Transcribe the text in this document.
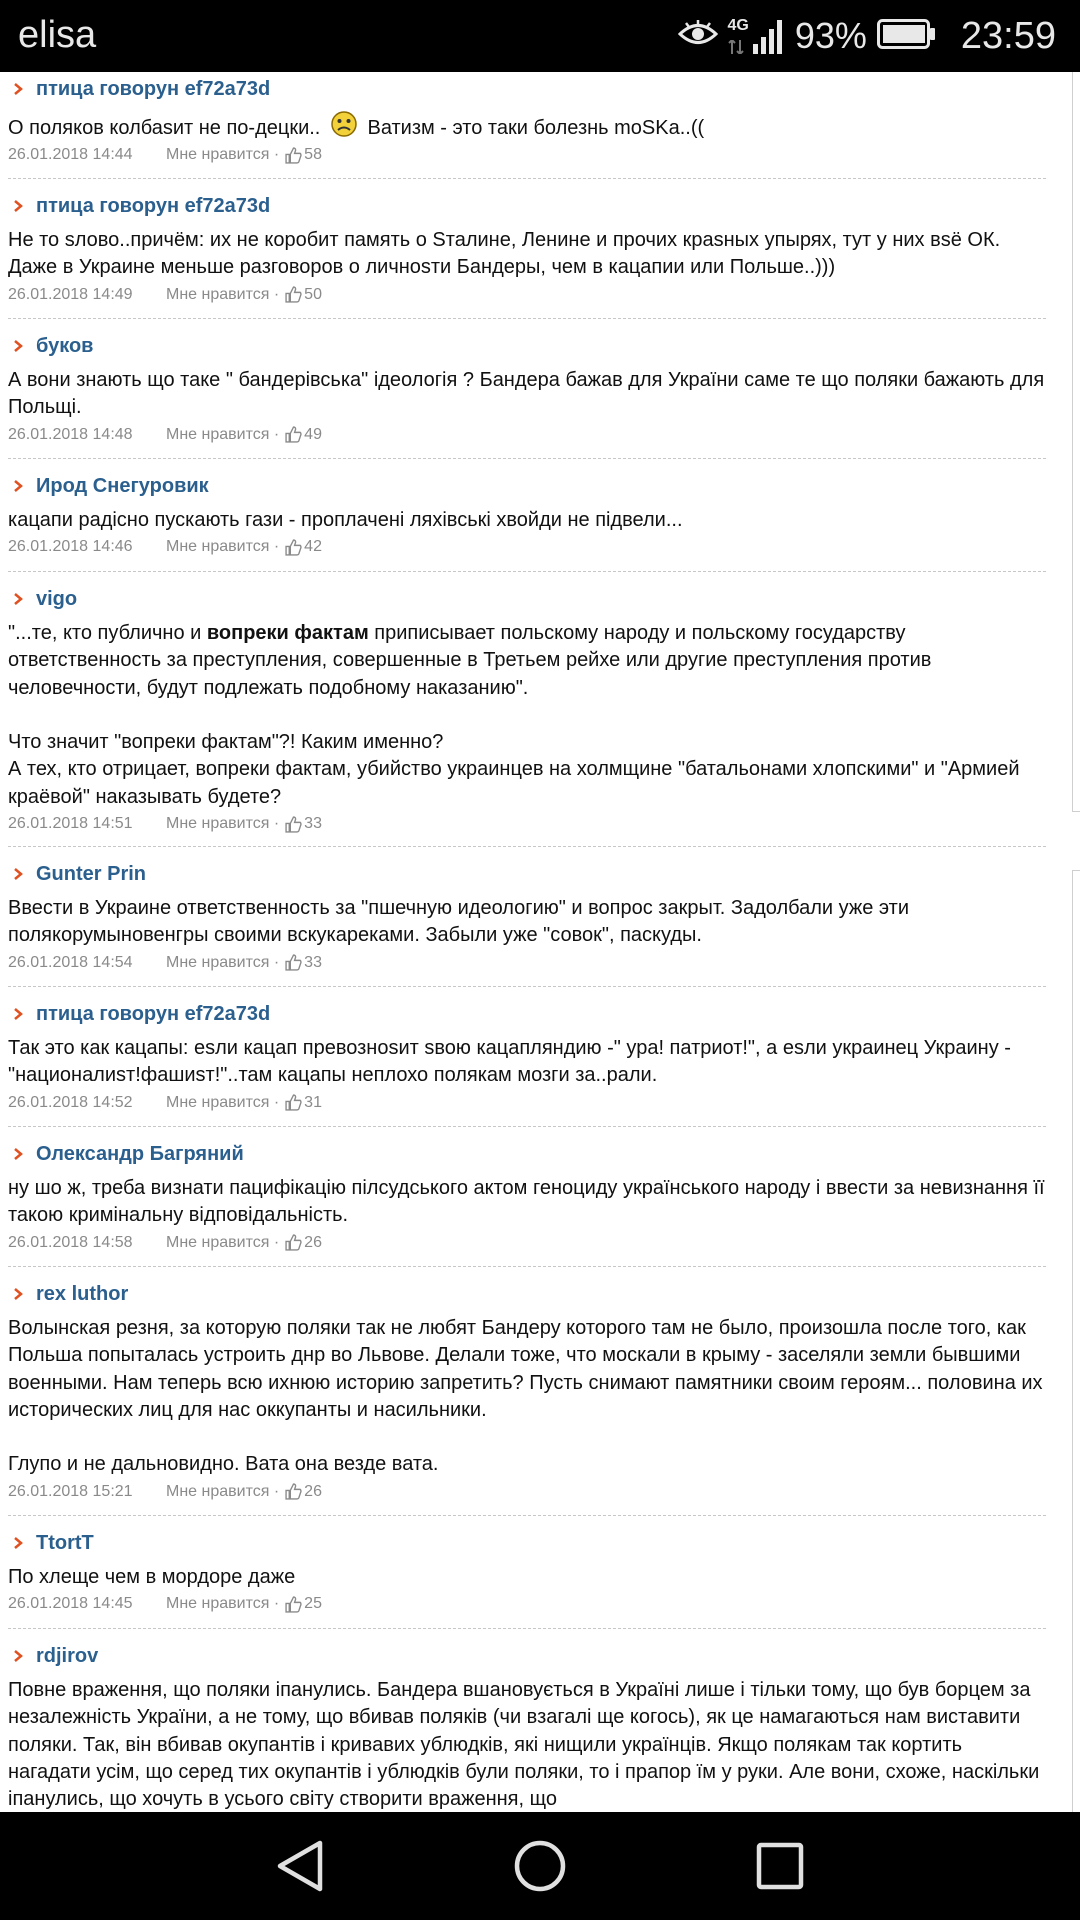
elisa	4G 93% 23:59
птица говорун ef72a73d
О поляков колбаsит не по-децки..  Ватизм - это таки болезнь moSKa..((
26.01.2018 14:44	Мне нравится · 58
птица говорун ef72a73d
Не то sлово..причём: их не коробит память о Sталине, Ленине и прочих краsных упырях, тут у них вsё ОК. Даже в Украине меньше разговоров о личноsти Бандеры, чем в кацапии или Польше..)))
26.01.2018 14:49	Мне нравится · 50
буков
А вони знають що таке " бандерівська" ідеологія ? Бандера бажав для України саме те що поляки бажають для Польщі.
26.01.2018 14:48	Мне нравится · 49
Ирод Снегуровик
кацапи радісно пускають гази - проплачені ляхівські хвойди не підвели...
26.01.2018 14:46	Мне нравится · 42
vigo
"...те, кто публично и вопреки фактам приписывает польскому народу и польскому государству ответственность за преступления, совершенные в Третьем рейхе или другие преступления против человечности, будут подлежать подобному наказанию".

Что значит "вопреки фактам"?! Каким именно?
А тех, кто отрицает, вопреки фактам, убийство украинцев на холмщине "батальонами хлопскими" и "Армией краёвой" наказывать будете?
26.01.2018 14:51	Мне нравится · 33
Gunter Prin
Ввести в Украине ответственность за "пшечную идеологию" и вопрос закрыт. Задолбали уже эти полякорумыновенгры своими вскукареками. Забыли уже "совок", паскуды.
26.01.2018 14:54	Мне нравится · 33
птица говорун ef72a73d
Так это как кацапы: еsли кацап превозноsит sвою кацапляндию -" ура! патриот!", а еsли украинец Украину - "националиsт!фашиsт!"..там кацапы неплохо полякам мозги за..рали.
26.01.2018 14:52	Мне нравится · 31
Олександр Багряний
ну шо ж, треба визнати пацифікацію пілсудського актом геноциду українського народу і ввести за невизнання її такою кримінальну відповідальність.
26.01.2018 14:58	Мне нравится · 26
rex luthor
Волынская резня, за которую поляки так не любят Бандеру которого там не было, произошла после того, как Польша попыталась устроить днр во Львове. Делали тоже, что москали в крыму - заселяли земли бывшими военными. Нам теперь всю ихнюю историю запретить? Пусть снимают памятники своим героям... половина их исторических лиц для нас оккупанты и насильники.

Глупо и не дальновидно. Вата она везде вата.
26.01.2018 15:21	Мне нравится · 26
TtortT
По хлеще чем в мордоре даже
26.01.2018 14:45	Мне нравится · 25
rdjirov
Повне враження, що поляки іпанулись. Бандера вшановується в Україні лише і тільки тому, що був борцем за незалежність України, а не тому, що вбивав поляків (чи взагалі ще когось), як це намагаються нам виставити поляки. Так, він вбивав окупантів і кривавих ублюдків, які нищили українців. Якщо полякам так кортить нагадати усім, що серед тих окупантів і ублюдків були поляки, то і прапор їм у руки. Але вони, схоже, наскільки іпанулись, що хочуть в усього світу створити враження, що
